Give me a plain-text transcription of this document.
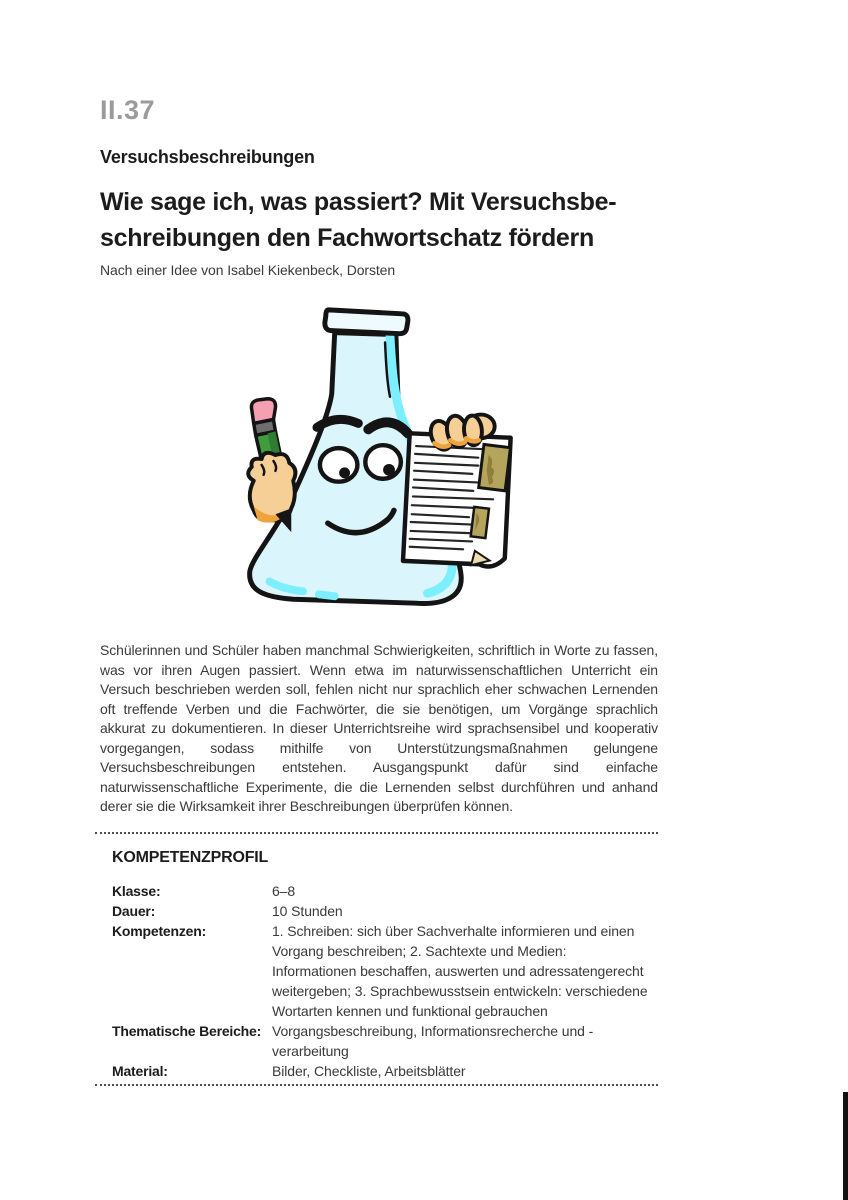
II.37
Versuchsbeschreibungen
Wie sage ich, was passiert? Mit Versuchsbe-
schreibungen den Fachwortschatz fördern
Nach einer Idee von Isabel Kiekenbeck, Dorsten

Schülerinnen und Schüler haben manchmal Schwierigkeiten, schriftlich in Worte zu fassen, was vor ihren Augen passiert. Wenn etwa im naturwissenschaftlichen Unterricht ein Versuch beschrieben werden soll, fehlen nicht nur sprachlich eher schwachen Lernenden oft treffende Verben und die Fachwörter, die sie benötigen, um Vorgänge sprachlich akkurat zu dokumentieren. In dieser Unterrichtsreihe wird sprachsensibel und kooperativ vorgegangen, sodass mithilfe von Unterstützungsmaßnahmen gelungene Versuchsbeschreibungen entstehen. Ausgangspunkt dafür sind einfache naturwissenschaftliche Experimente, die die Lernenden selbst durchführen und anhand derer sie die Wirksamkeit ihrer Beschreibungen überprüfen können.

KOMPETENZPROFIL
Klasse:	6–8
Dauer:	10 Stunden
Kompetenzen:	1. Schreiben: sich über Sachverhalte informieren und einen Vorgang beschreiben; 2. Sachtexte und Medien: Informationen beschaffen, auswerten und adressatengerecht weitergeben; 3. Sprachbewusstsein entwickeln: verschiedene Wortarten kennen und funktional gebrauchen
Thematische Bereiche: Vorgangsbeschreibung, Informationsrecherche und -verarbeitung
Material:	Bilder, Checkliste, Arbeitsblätter
